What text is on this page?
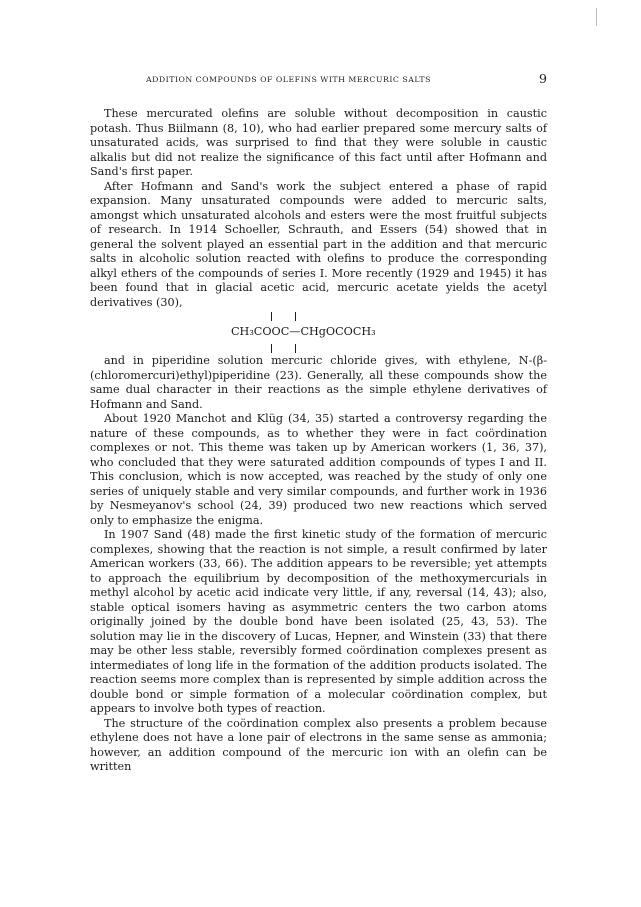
ADDITION COMPOUNDS OF OLEFINS WITH MERCURIC SALTS	9

These mercurated olefins are soluble without decomposition in caustic potash. Thus Biilmann (8, 10), who had earlier prepared some mercury salts of unsaturated acids, was surprised to find that they were soluble in caustic alkalis but did not realize the significance of this fact until after Hofmann and Sand's first paper.

After Hofmann and Sand's work the subject entered a phase of rapid expansion. Many unsaturated compounds were added to mercuric salts, amongst which unsaturated alcohols and esters were the most fruitful subjects of research. In 1914 Schoeller, Schrauth, and Essers (54) showed that in general the solvent played an essential part in the addition and that mercuric salts in alcoholic solution reacted with olefins to produce the corresponding alkyl ethers of the compounds of series I. More recently (1929 and 1945) it has been found that in glacial acetic acid, mercuric acetate yields the acetyl derivatives (30),

CH₃COOC—CHgOCOCH₃

and in piperidine solution mercuric chloride gives, with ethylene, N-(β-(chloromercuri)ethyl)piperidine (23). Generally, all these compounds show the same dual character in their reactions as the simple ethylene derivatives of Hofmann and Sand.

About 1920 Manchot and Klüg (34, 35) started a controversy regarding the nature of these compounds, as to whether they were in fact coördination complexes or not. This theme was taken up by American workers (1, 36, 37), who concluded that they were saturated addition compounds of types I and II. This conclusion, which is now accepted, was reached by the study of only one series of uniquely stable and very similar compounds, and further work in 1936 by Nesmeyanov's school (24, 39) produced two new reactions which served only to emphasize the enigma.

In 1907 Sand (48) made the first kinetic study of the formation of mercuric complexes, showing that the reaction is not simple, a result confirmed by later American workers (33, 66). The addition appears to be reversible; yet attempts to approach the equilibrium by decomposition of the methoxymercurials in methyl alcohol by acetic acid indicate very little, if any, reversal (14, 43); also, stable optical isomers having as asymmetric centers the two carbon atoms originally joined by the double bond have been isolated (25, 43, 53). The solution may lie in the discovery of Lucas, Hepner, and Winstein (33) that there may be other less stable, reversibly formed coördination complexes present as intermediates of long life in the formation of the addition products isolated. The reaction seems more complex than is represented by simple addition across the double bond or simple formation of a molecular coördination complex, but appears to involve both types of reaction.

The structure of the coördination complex also presents a problem because ethylene does not have a lone pair of electrons in the same sense as ammonia; however, an addition compound of the mercuric ion with an olefin can be written
